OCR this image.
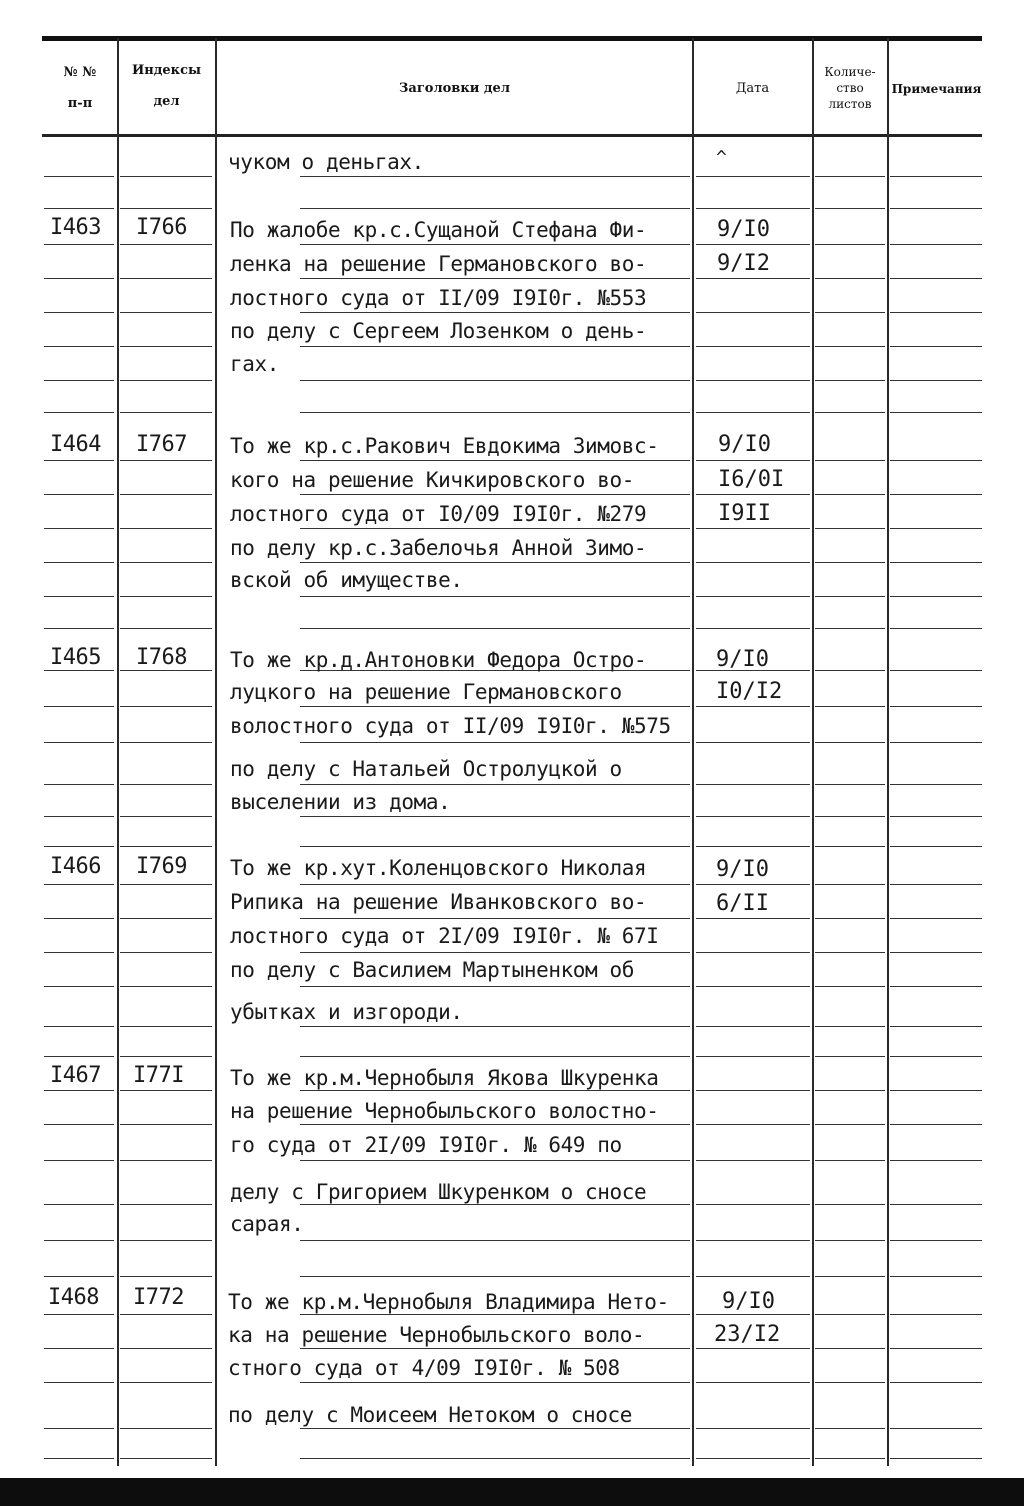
№ №
п-п
Индексы
дел
Заголовки дел	Дата
Количе-
ство
листов
Примечания
чуком о деньгах.	^
I463 I766 По жалобе кр.с.Сущаной Стефана Фи-
ленка на решение Германовского во-
лостного суда от II/09 I9I0г. №553
по делу с Сергеем Лозенком о день-
гах.
9/I0
9/I2
I464 I767 То же кр.с.Ракович Евдокима Зимовс-
кого на решение Кичкировского во-
лостного суда от I0/09 I9I0г. №279
по делу кр.с.Забелочья Анной Зимо-
вской об имуществе.
9/I0
I6/0I
I9II
I465 I768 То же кр.д.Антоновки Федора Остро-
луцкого на решение Германовского
волостного суда от II/09 I9I0г. №575
по делу с Натальей Остролуцкой о
выселении из дома.
9/I0
I0/I2
I466 I769 То же кр.хут.Коленцовского Николая
Рипика на решение Иванковского во-
лостного суда от 2I/09 I9I0г. № 67I
по делу с Василием Мартыненком об
убытках и изгороди.
9/I0
6/II
I467 I77I То же кр.м.Чернобыля Якова Шкуренка
на решение Чернобыльского волостно-
го суда от 2I/09 I9I0г. № 649 по
делу с Григорием Шкуренком о сносе
сарая.
I468 I772 То же кр.м.Чернобыля Владимира Нето-
ка на решение Чернобыльского воло-
стного суда от 4/09 I9I0г. № 508
по делу с Моисеем Нетоком о сносе
9/I0
23/I2
